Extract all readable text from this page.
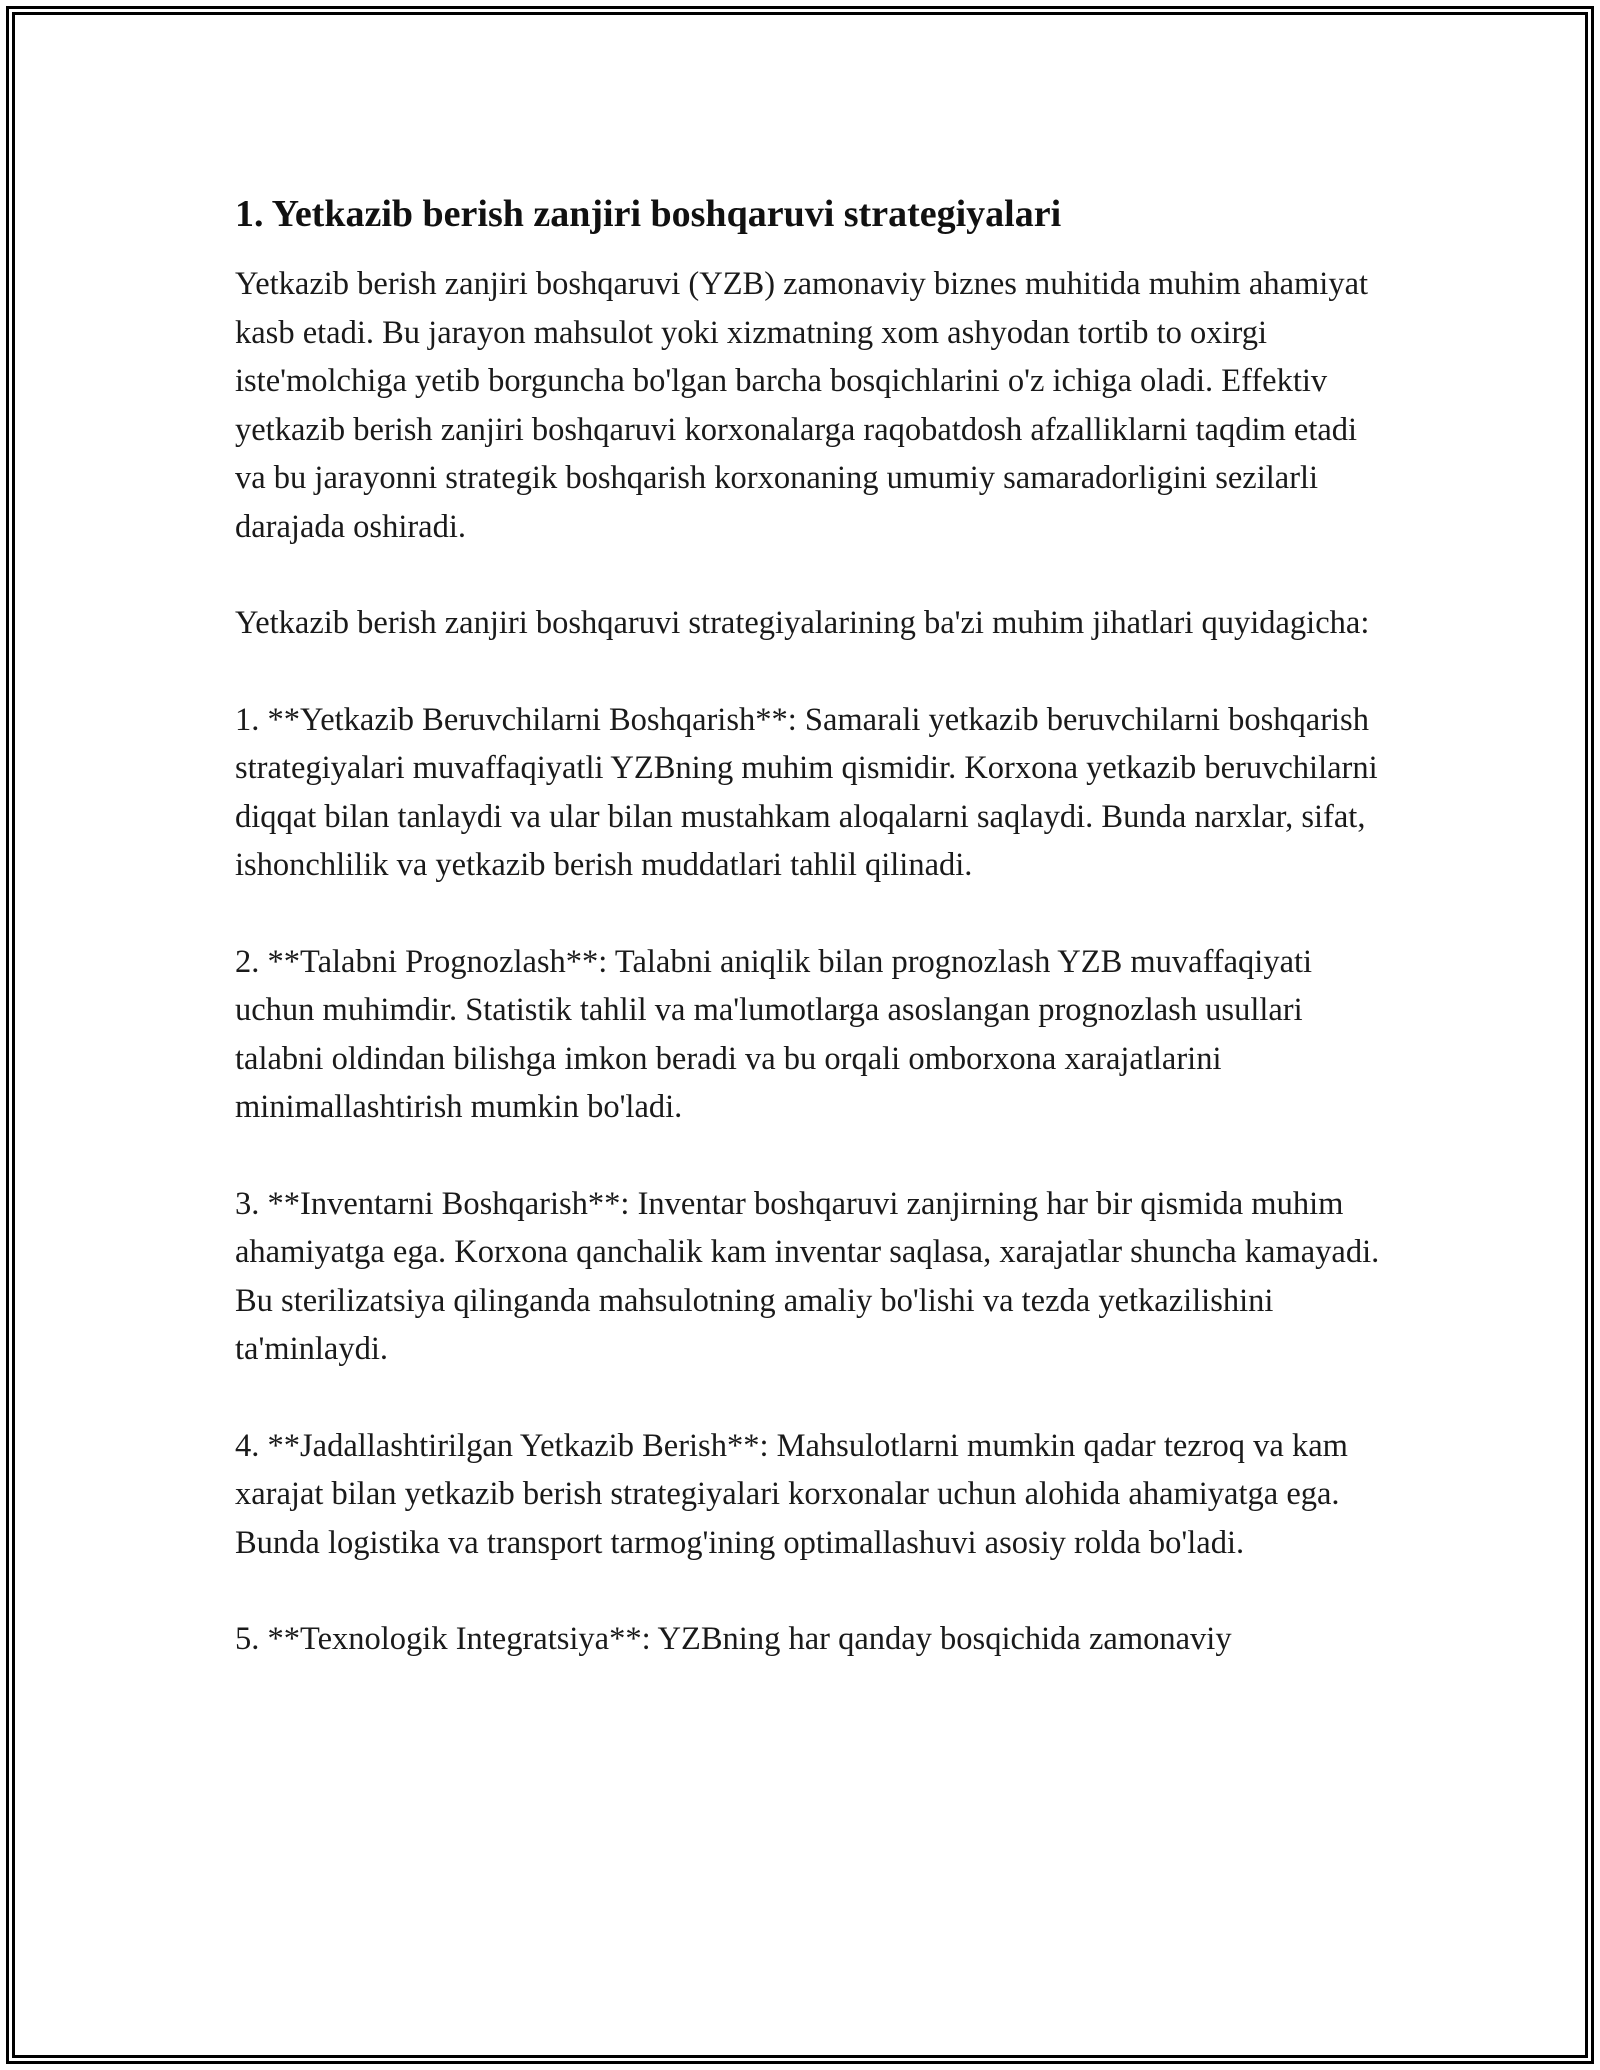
1. Yetkazib berish zanjiri boshqaruvi strategiyalari

Yetkazib berish zanjiri boshqaruvi (YZB) zamonaviy biznes muhitida muhim ahamiyat kasb etadi. Bu jarayon mahsulot yoki xizmatning xom ashyodan tortib to oxirgi iste'molchiga yetib borguncha bo'lgan barcha bosqichlarini o'z ichiga oladi. Effektiv yetkazib berish zanjiri boshqaruvi korxonalarga raqobatdosh afzalliklarni taqdim etadi va bu jarayonni strategik boshqarish korxonaning umumiy samaradorligini sezilarli darajada oshiradi.

Yetkazib berish zanjiri boshqaruvi strategiyalarining ba'zi muhim jihatlari quyidagicha:

1. **Yetkazib Beruvchilarni Boshqarish**: Samarali yetkazib beruvchilarni boshqarish strategiyalari muvaffaqiyatli YZBning muhim qismidir. Korxona yetkazib beruvchilarni diqqat bilan tanlaydi va ular bilan mustahkam aloqalarni saqlaydi. Bunda narxlar, sifat, ishonchlilik va yetkazib berish muddatlari tahlil qilinadi.

2. **Talabni Prognozlash**: Talabni aniqlik bilan prognozlash YZB muvaffaqiyati uchun muhimdir. Statistik tahlil va ma'lumotlarga asoslangan prognozlash usullari talabni oldindan bilishga imkon beradi va bu orqali omborxona xarajatlarini minimallashtirish mumkin bo'ladi.

3. **Inventarni Boshqarish**: Inventar boshqaruvi zanjirning har bir qismida muhim ahamiyatga ega. Korxona qanchalik kam inventar saqlasa, xarajatlar shuncha kamayadi. Bu sterilizatsiya qilinganda mahsulotning amaliy bo'lishi va tezda yetkazilishini ta'minlaydi.

4. **Jadallashtirilgan Yetkazib Berish**: Mahsulotlarni mumkin qadar tezroq va kam xarajat bilan yetkazib berish strategiyalari korxonalar uchun alohida ahamiyatga ega. Bunda logistika va transport tarmog'ining optimallashuvi asosiy rolda bo'ladi.

5. **Texnologik Integratsiya**: YZBning har qanday bosqichida zamonaviy
